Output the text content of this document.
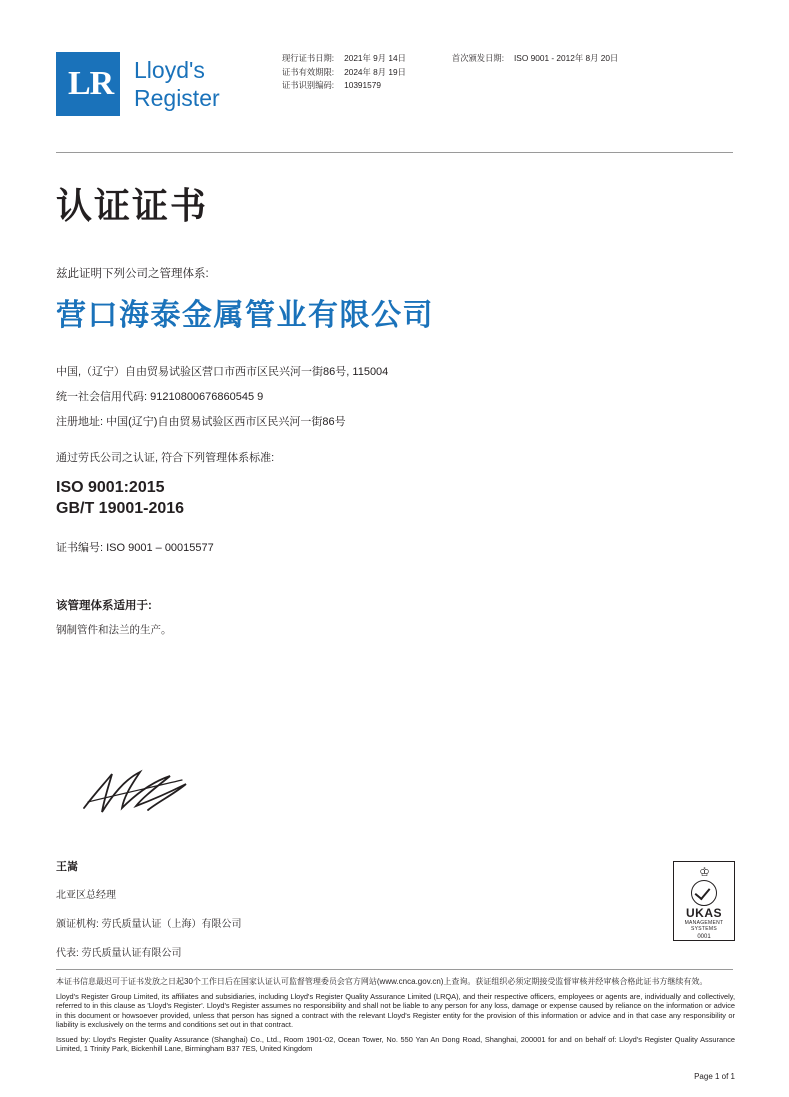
LR Lloyd's
Register
现行证书日期:
证书有效期限:
证书识别编码:
2021年 9月 14日
2024年 8月 19日
10391579
首次颁发日期: ISO 9001 - 2012年 8月 20日
认证证书
兹此证明下列公司之管理体系:
营口海泰金属管业有限公司
中国,（辽宁）自由贸易试验区营口市西市区民兴河一街86号, 115004
统一社会信用代码: 91210800676860545 9
注册地址: 中国(辽宁)自由贸易试验区西市区民兴河一街86号
通过劳氏公司之认证, 符合下列管理体系标准:
ISO 9001:2015
GB/T 19001-2016
证书编号: ISO 9001 – 00015577
该管理体系适用于:
钢制管件和法兰的生产。
王嵩
北亚区总经理
颁证机构: 劳氏质量认证（上海）有限公司
代表: 劳氏质量认证有限公司
♔
UKAS
MANAGEMENT
SYSTEMS
0001

本证书信息最迟可于证书发放之日起30个工作日后在国家认证认可监督管理委员会官方网站(www.cnca.gov.cn)上查询。获证组织必须定期接受监督审核并经审核合格此证书方继续有效。

Lloyd's Register Group Limited, its affiliates and subsidiaries, including Lloyd's Register Quality Assurance Limited (LRQA), and their respective officers, employees or agents are, individually and collectively, referred to in this clause as 'Lloyd's Register'. Lloyd's Register assumes no responsibility and shall not be liable to any person for any loss, damage or expense caused by reliance on the information or advice in this document or howsoever provided, unless that person has signed a contract with the relevant Lloyd's Register entity for the provision of this information or advice and in that case any responsibility or liability is exclusively on the terms and conditions set out in that contract.

Issued by: Lloyd's Register Quality Assurance (Shanghai) Co., Ltd., Room 1901-02, Ocean Tower, No. 550 Yan An Dong Road, Shanghai, 200001 for and on behalf of: Lloyd's Register Quality Assurance Limited, 1 Trinity Park, Bickenhill Lane, Birmingham B37 7ES, United Kingdom

Page 1 of 1
